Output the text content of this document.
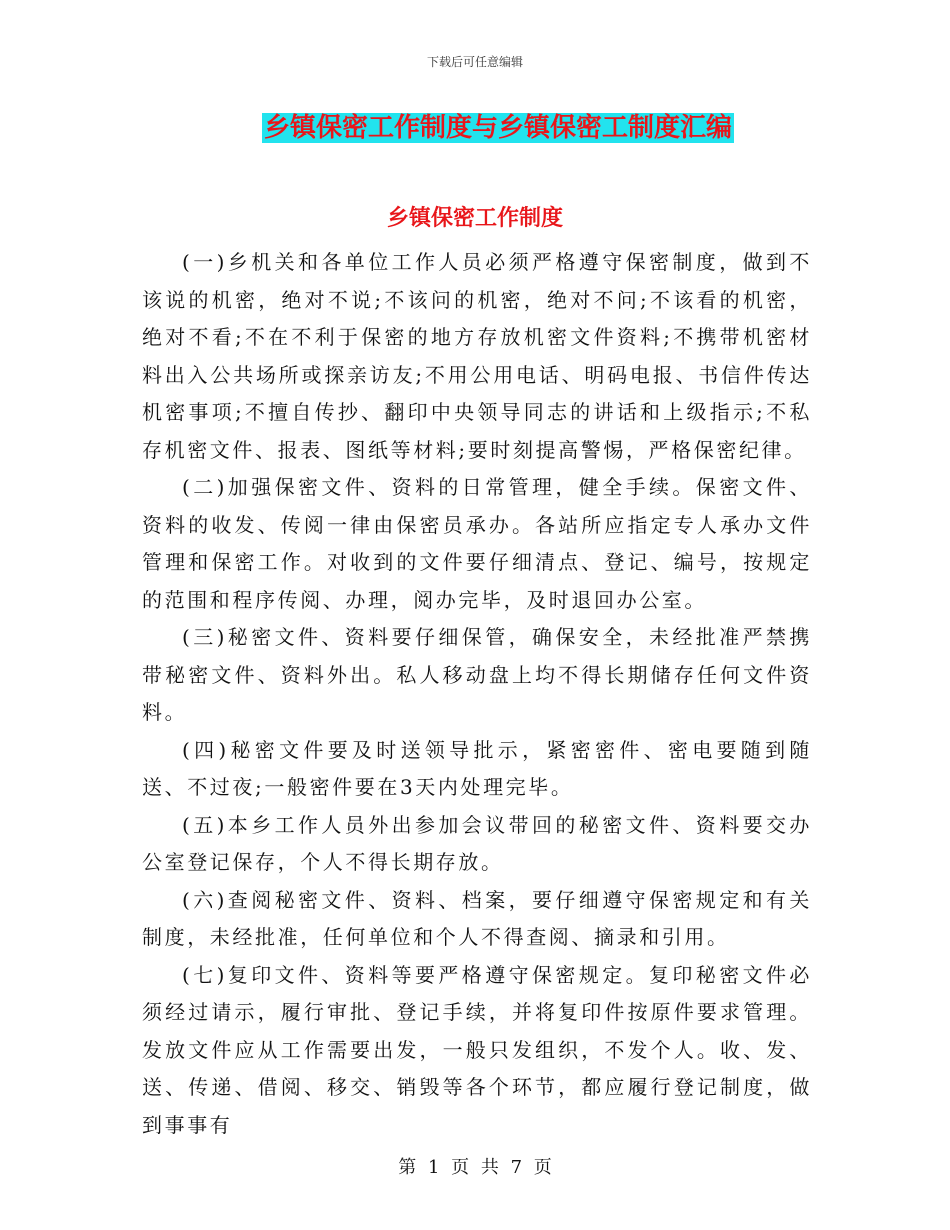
下载后可任意编辑
乡镇保密工作制度与乡镇保密工制度汇编
乡镇保密工作制度

(一)乡机关和各单位工作人员必须严格遵守保密制度，做到不该说的机密，绝对不说;不该问的机密，绝对不问;不该看的机密，绝对不看;不在不利于保密的地方存放机密文件资料;不携带机密材料出入公共场所或探亲访友;不用公用电话、明码电报、书信件传达机密事项;不擅自传抄、翻印中央领导同志的讲话和上级指示;不私存机密文件、报表、图纸等材料;要时刻提高警惕，严格保密纪律。

(二)加强保密文件、资料的日常管理，健全手续。保密文件、资料的收发、传阅一律由保密员承办。各站所应指定专人承办文件管理和保密工作。对收到的文件要仔细清点、登记、编号，按规定的范围和程序传阅、办理，阅办完毕，及时退回办公室。

(三)秘密文件、资料要仔细保管，确保安全，未经批准严禁携带秘密文件、资料外出。私人移动盘上均不得长期储存任何文件资料。

(四)秘密文件要及时送领导批示，紧密密件、密电要随到随送、不过夜;一般密件要在3天内处理完毕。

(五)本乡工作人员外出参加会议带回的秘密文件、资料要交办公室登记保存，个人不得长期存放。

(六)查阅秘密文件、资料、档案，要仔细遵守保密规定和有关制度，未经批准，任何单位和个人不得查阅、摘录和引用。

(七)复印文件、资料等要严格遵守保密规定。复印秘密文件必须经过请示，履行审批、登记手续，并将复印件按原件要求管理。发放文件应从工作需要出发，一般只发组织，不发个人。收、发、送、传递、借阅、移交、销毁等各个环节，都应履行登记制度，做到事事有

第 1 页 共 7 页
